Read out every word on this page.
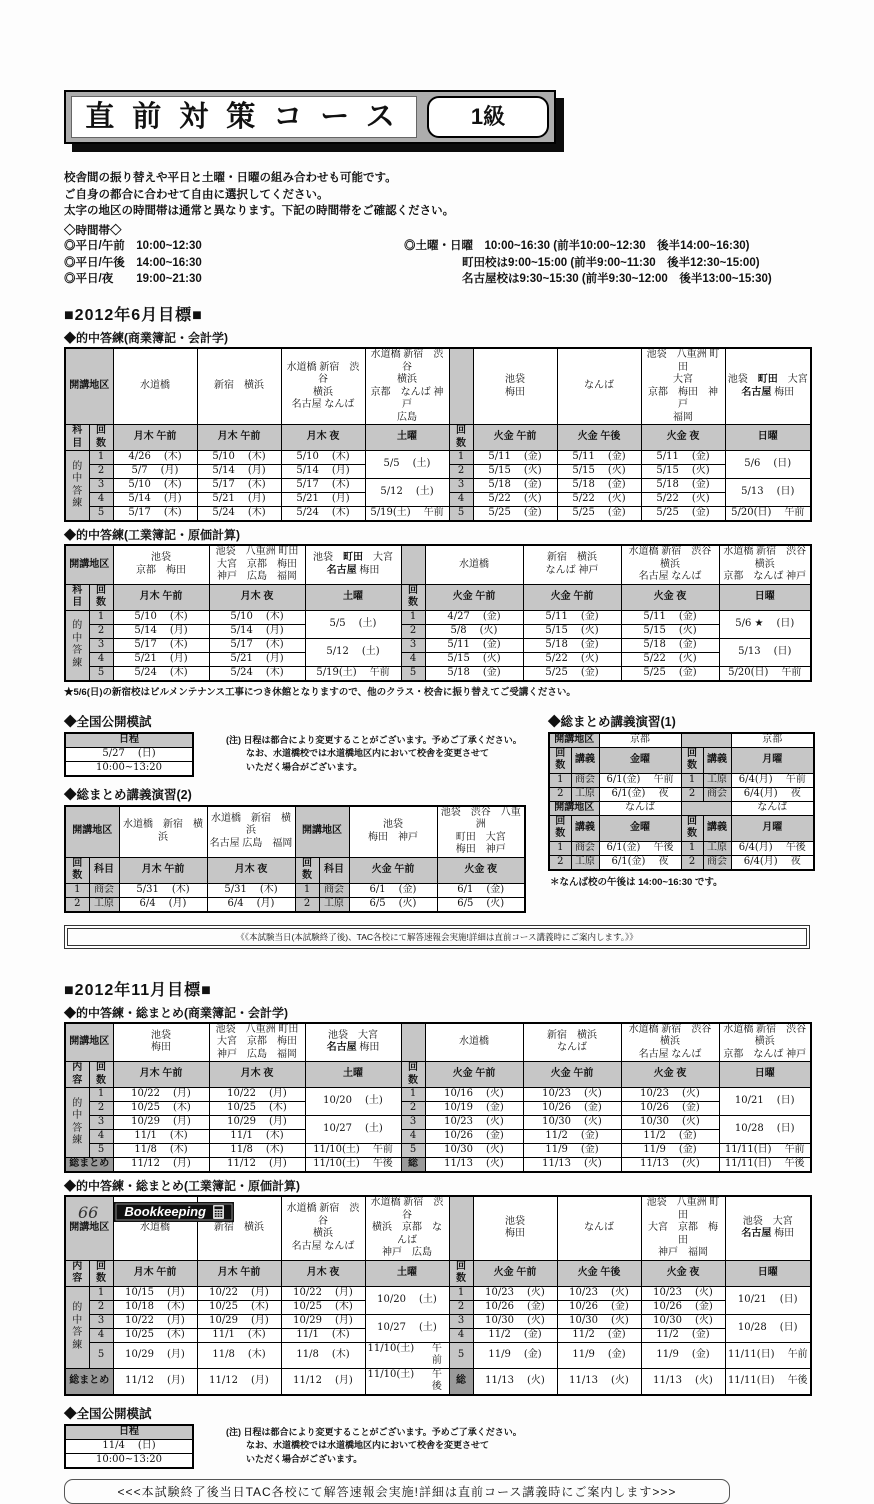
直前対策コース	1級
校舎間の振り替えや平日と土曜・日曜の組み合わせも可能です。
ご自身の都合に合わせて自由に選択してください。
太字の地区の時間帯は通常と異なります。下記の時間帯をご確認ください。
◇時間帯◇
◎平日/午前　10:00~12:30
◎平日/午後　14:00~16:30
◎平日/夜　　19:00~21:30
◎土曜・日曜　10:00~16:30 (前半10:00~12:30　後半14:00~16:30)
町田校は9:00~15:00 (前半9:00~11:30　後半12:30~15:00)
名古屋校は9:30~15:30 (前半9:30~12:00　後半13:00~15:30)
■2012年6月目標■
◆的中答練(商業簿記・会計学)
開講地区		水道橋	新宿　横浜	水道橋 新宿　渋谷
横浜
名古屋 なんば	水道橋 新宿　渋谷
横浜
京都　なんば 神戸
広島		池袋
梅田	なんば	池袋　八重洲 町田
大宮
京都　梅田　神戸
福岡	池袋　町田　大宮
名古屋 梅田
科目	回数	月木 午前	月木 午前	月木 夜	土曜	回数	火金 午前	火金 午後	火金 夜	日曜
的
中
答
練	1	4/26 (木)	5/10 (木)	5/10 (木)	5/5 (土)	1	5/11 (金)	5/11 (金)	5/11 (金)	5/6 (日)

	2	5/7 (月)	5/14 (月)	5/14 (月)		2	5/15 (火)	5/15 (火)	5/15 (火)	

	3	5/10 (木)	5/17 (木)	5/17 (木)	5/12 (土)	3	5/18 (金)	5/18 (金)	5/18 (金)	5/13 (日)

	4	5/14 (月)	5/21 (月)	5/21 (月)		4	5/22 (火)	5/22 (火)	5/22 (火)	

	5	5/17 (木)	5/24 (木)	5/24 (木)	5/19(土) 午前	5	5/25 (金)	5/25 (金)	5/25 (金)	5/20(日) 午前
◆的中答練(工業簿記・原価計算)
開講地区		池袋
京都　梅田	池袋　八重洲 町田
大宮　京都　梅田
神戸　広島　福岡	池袋　町田　大宮
名古屋 梅田		水道橋	新宿　横浜
なんば 神戸	水道橋 新宿　渋谷
横浜
名古屋 なんば	水道橋 新宿　渋谷
横浜
京都　なんば 神戸
科目	回数	月木 午前	月木 夜	土曜	回数	火金 午前	火金 午前	火金 夜	日曜
的
中
答
練	1	5/10 (木)	5/10 (木)	5/5 (土)	1	4/27 (金)	5/11 (金)	5/11 (金)	5/6 ★ (日)

	2	5/14 (月)	5/14 (月)		2	5/8 (火)	5/15 (火)	5/15 (火)	

	3	5/17 (木)	5/17 (木)	5/12 (土)	3	5/11 (金)	5/18 (金)	5/18 (金)	5/13 (日)

	4	5/21 (月)	5/21 (月)		4	5/15 (火)	5/22 (火)	5/22 (火)	

	5	5/24 (木)	5/24 (木)	5/19(土) 午前	5	5/18 (金)	5/25 (金)	5/25 (金)	5/20(日) 午前
★5/6(日)の新宿校はビルメンテナンス工事につき休館となりますので、他のクラス・校舎に振り替えてご受講ください。
◆全国公開模試
日程

5/27 (日)

10:00~13:20
(注) 日程は都合により変更することがございます。予めご了承ください。
なお、水道橋校では水道橋地区内において校舎を変更させて
いただく場合がございます。
◆総まとめ講義演習(2)
開講地区		水道橋　新宿　横浜	水道橋　新宿　横浜
名古屋 広島　福岡	開講地区		池袋
梅田　神戸	池袋　渋谷　八重洲
町田　大宮
梅田　神戸
回数	科目	月木 午前	月木 夜	回数	科目	火金 午前	火金 夜
1	商会	5/31 (木)	5/31 (木)	1	商会	6/1 (金)	6/1 (金)

2	工原	6/4 (月)	6/4 (月)	2	工原	6/5 (火)	6/5 (火)
◆総まとめ講義演習(1)
開講地区		京都			京都
回数	講義	金曜	回数	講義	月曜
1	商会	6/1(金) 午前	1	工原	6/4(月) 午前

2	工原	6/1(金) 夜	2	商会	6/4(月) 夜

開講地区		なんば			なんば
回数	講義	金曜	回数	講義	月曜
1	商会	6/1(金) 午後	1	工原	6/4(月) 午後

2	工原	6/1(金) 夜	2	商会	6/4(月) 夜
＊なんば校の午後は 14:00~16:30 です。
《《本試験当日(本試験終了後)、TAC各校にて解答速報会実施!詳細は直前コース講義時にご案内します。》》
■2012年11月目標■
◆的中答練・総まとめ(商業簿記・会計学)
開講地区		池袋
梅田	池袋　八重洲 町田
大宮　京都　梅田
神戸　広島　福岡	池袋　大宮
名古屋 梅田		水道橋	新宿　横浜
なんば	水道橋 新宿　渋谷
横浜
名古屋 なんば	水道橋 新宿　渋谷
横浜
京都　なんば 神戸
内容	回数	月木 午前	月木 夜	土曜	回数	火金 午前	火金 午前	火金 夜	日曜
的
中
答
練	1	10/22 (月)	10/22 (月)	10/20 (土)	1	10/16 (火)	10/23 (火)	10/23 (火)	10/21 (日)

	2	10/25 (木)	10/25 (木)		2	10/19 (金)	10/26 (金)	10/26 (金)	

	3	10/29 (月)	10/29 (月)	10/27 (土)	3	10/23 (火)	10/30 (火)	10/30 (火)	10/28 (日)

	4	11/1 (木)	11/1 (木)		4	10/26 (金)	11/2 (金)	11/2 (金)	

	5	11/8 (木)	11/8 (木)	11/10(土) 午前	5	10/30 (火)	11/9 (金)	11/9 (金)	11/11(日) 午前

総まとめ		11/12 (月)	11/12 (月)	11/10(土) 午後	総	11/13 (火)	11/13 (火)	11/13 (火)	11/11(日) 午後
◆的中答練・総まとめ(工業簿記・原価計算)
開講地区		水道橋	新宿　横浜	水道橋 新宿　渋谷
横浜
名古屋 なんば	水道橋 新宿　渋谷
横浜　京都　なんば
神戸　広島		池袋
梅田	なんば	池袋　八重洲 町田
大宮　京都　梅田
神戸　福岡	池袋　大宮
名古屋 梅田
内容	回数	月木 午前	月木 午前	月木 夜	土曜	回数	火金 午前	火金 午後	火金 夜	日曜
的
中
答
練	1	10/15 (月)	10/22 (月)	10/22 (月)	10/20 (土)	1	10/23 (火)	10/23 (火)	10/23 (火)	10/21 (日)

	2	10/18 (木)	10/25 (木)	10/25 (木)		2	10/26 (金)	10/26 (金)	10/26 (金)	

	3	10/22 (月)	10/29 (月)	10/29 (月)	10/27 (土)	3	10/30 (火)	10/30 (火)	10/30 (火)	10/28 (日)

	4	10/25 (木)	11/1 (木)	11/1 (木)		4	11/2 (金)	11/2 (金)	11/2 (金)	

	5	10/29 (月)	11/8 (木)	11/8 (木)	11/10(土) 午前	5	11/9 (金)	11/9 (金)	11/9 (金)	11/11(日) 午前

総まとめ		11/12 (月)	11/12 (月)	11/12 (月)	11/10(土) 午後	総	11/13 (火)	11/13 (火)	11/13 (火)	11/11(日) 午後
◆全国公開模試
日程

11/4 (日)

10:00~13:20
(注) 日程は都合により変更することがございます。予めご了承ください。
なお、水道橋校では水道橋地区内において校舎を変更させて
いただく場合がございます。
<<<本試験終了後当日TAC各校にて解答速報会実施!詳細は直前コース講義時にご案内します>>>
66 Bookkeeping
